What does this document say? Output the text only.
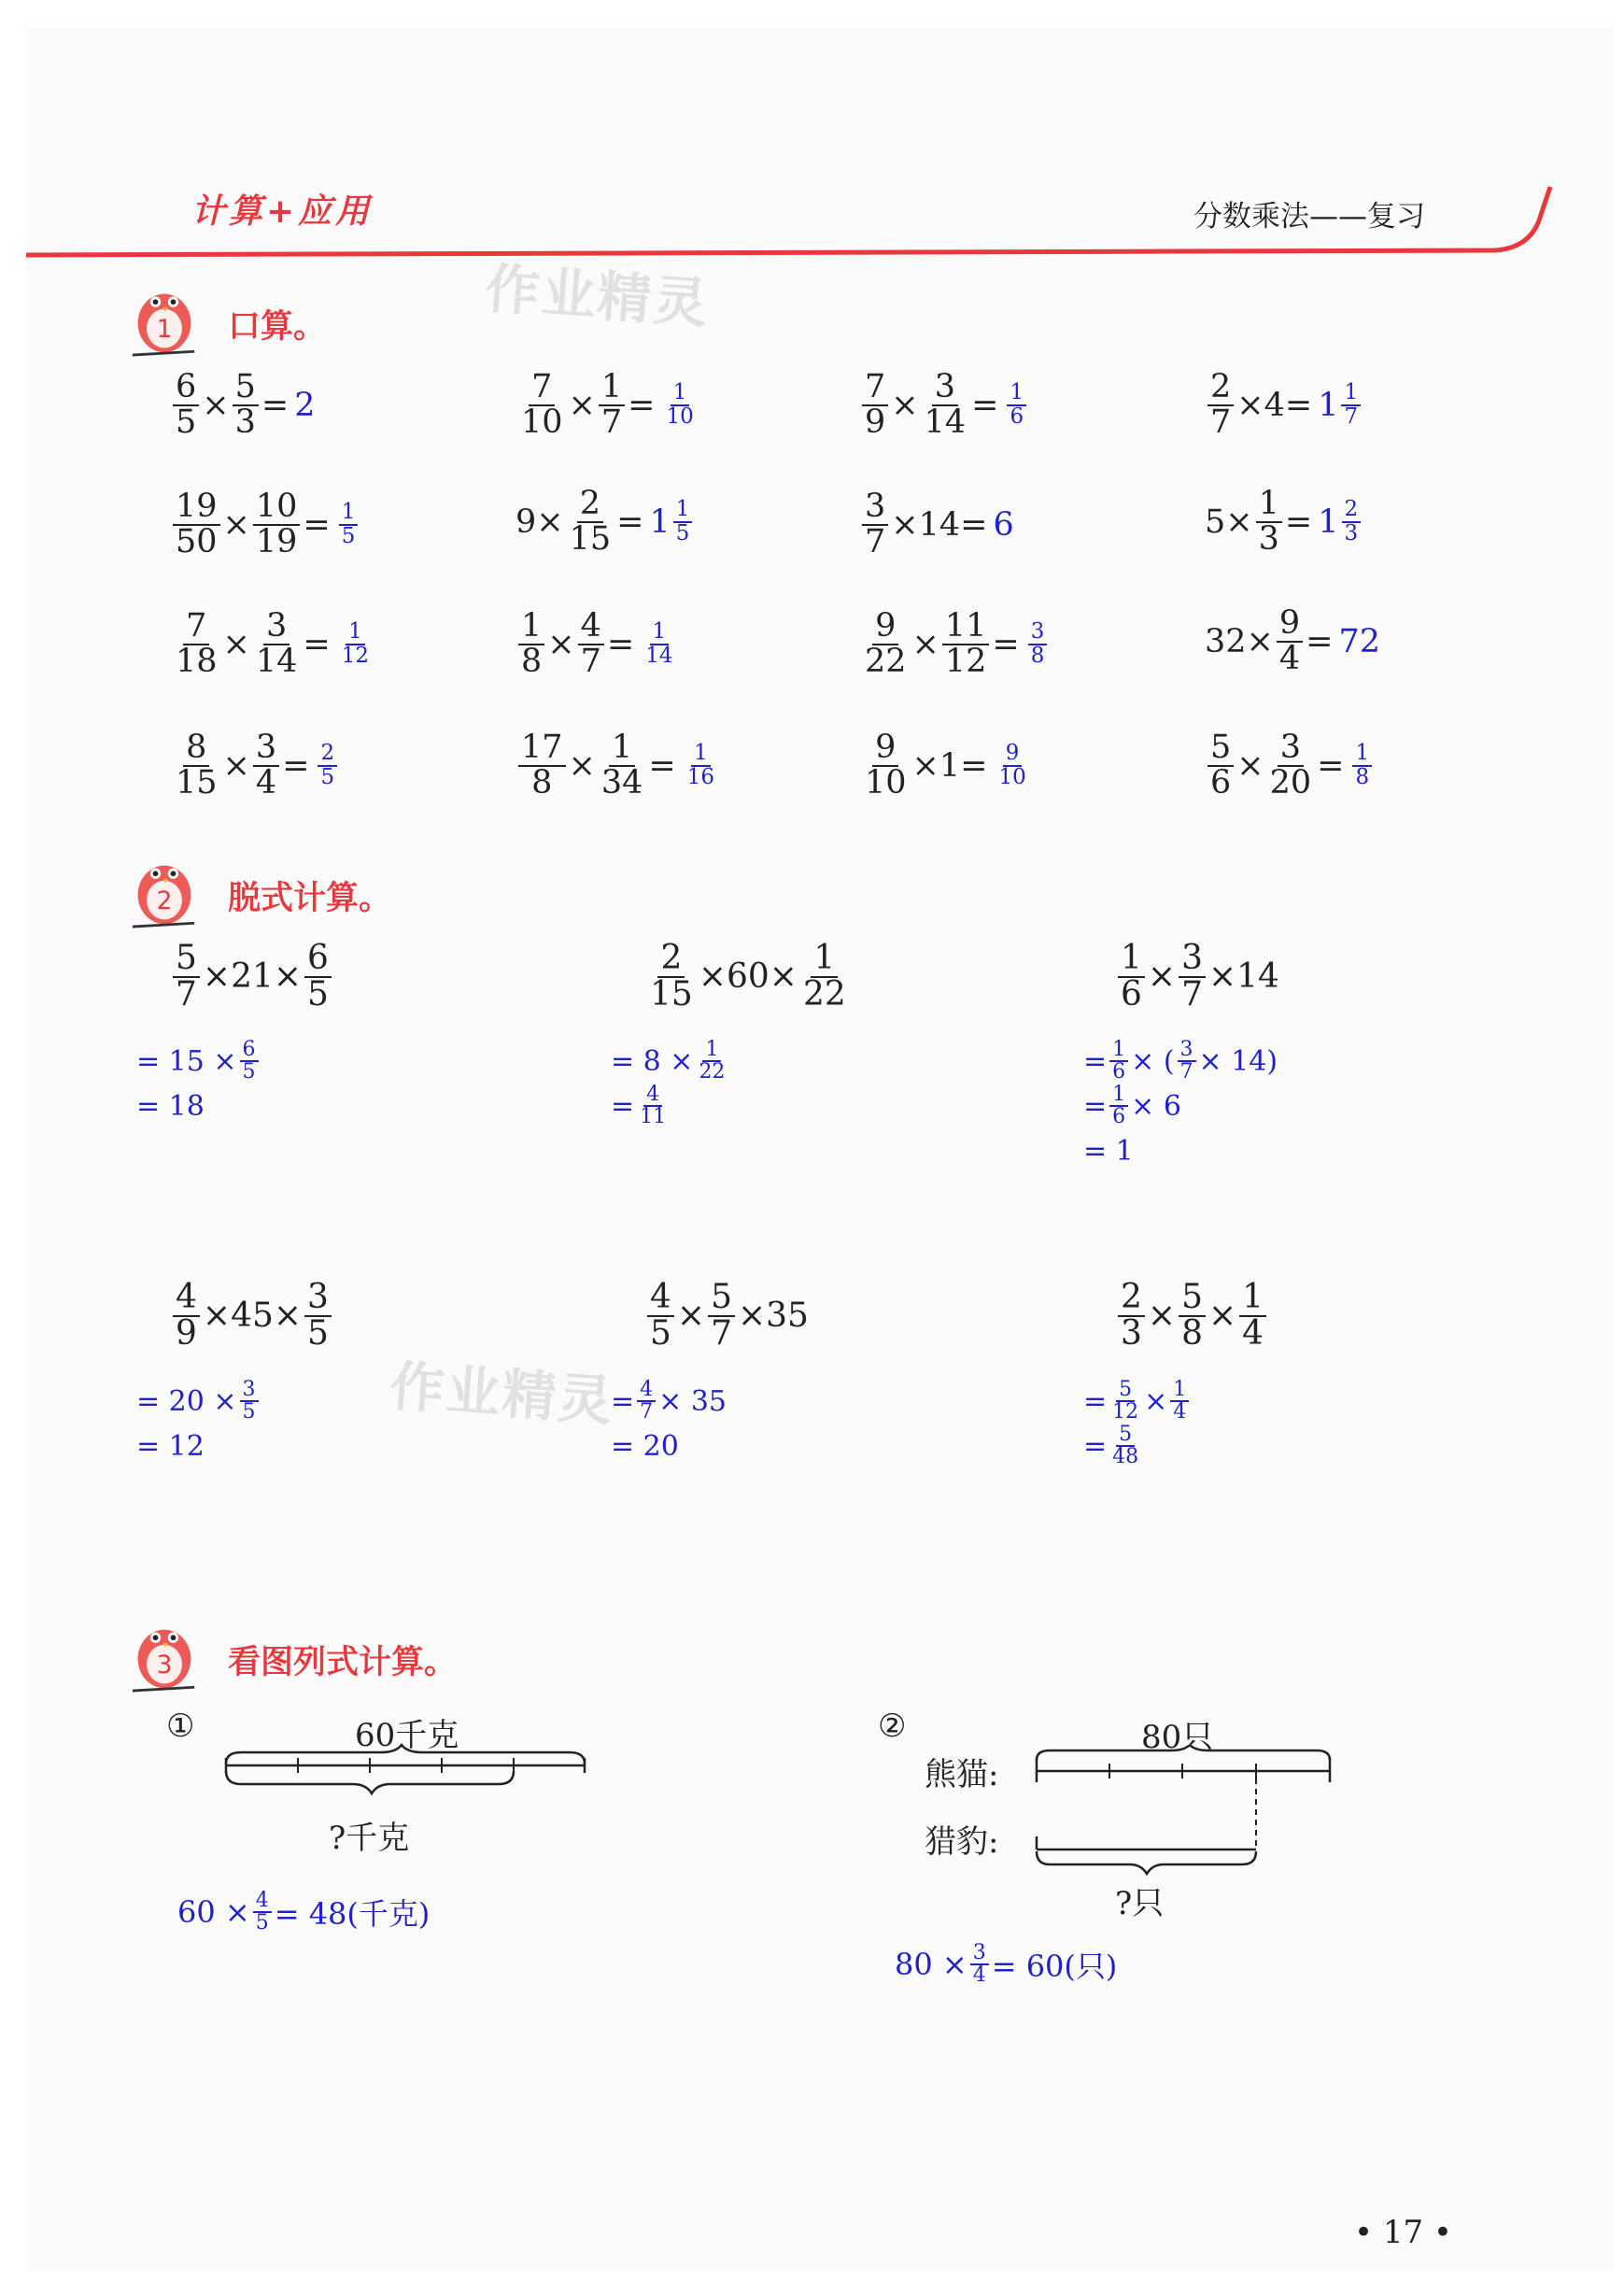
计算+应用	分数乘法——复习
作业精灵
作业精灵
1 口算。
2 脱式计算。
3 看图列式计算。
$\frac{6}{5} \times \frac{5}{3} = 2$	$\frac{7}{10} \times \frac{1}{7} = \frac{1}{10}$	$\frac{7}{9} \times \frac{3}{14} = \frac{1}{6}$	$\frac{2}{7} \times 4= 1 \frac{1}{7}$
$\frac{19}{50} \times \frac{10}{19} = \frac{1}{5}$	$9\times \frac{2}{15} = 1 \frac{1}{5}$	$\frac{3}{7} \times 14= 6$	$5\times \frac{1}{3} = 1 \frac{2}{3}$
$\frac{7}{18} \times \frac{3}{14} = \frac{1}{12}$	$\frac{1}{8} \times \frac{4}{7} = \frac{1}{14}$	$\frac{9}{22} \times \frac{11}{12} = \frac{3}{8}$	$32\times \frac{9}{4} = 72$
$\frac{8}{15} \times \frac{3}{4} = \frac{2}{5}$	$\frac{17}{8} \times \frac{1}{34} = \frac{1}{16}$	$\frac{9}{10} \times 1= \frac{9}{10}$	$\frac{5}{6} \times \frac{3}{20} = \frac{1}{8}$
$\frac{5}{7} \times 21\times \frac{6}{5}$
= $15 \times \frac{6}{5}$
= 18
$\frac{2}{15} \times 60\times \frac{1}{22}$
= $8 \times \frac{1}{22}$
= $\frac{4}{11}$
$\frac{1}{6} \times \frac{3}{7} \times 14$
= $\frac{1}{6}$ × ( $\frac{3}{7} \times 14$)
= $\frac{1}{6} \times 6$
= 1
$\frac{4}{9} \times 45\times \frac{3}{5}$
= $20 \times \frac{3}{5}$
= 12
$\frac{4}{5} \times \frac{5}{7} \times 35$
= $\frac{4}{7} \times 35$
= 20
$\frac{2}{3} \times \frac{5}{8} \times \frac{1}{4}$
= $\frac{5}{12} \times \frac{1}{4}$
= $\frac{5}{48}$
①	60千克
?千克
$60 \times \frac{4}{5} = 48$(千克)
②	80只
熊猫:
猎豹:
?只
$80 \times \frac{3}{4} = 60$(只)
• 17 •
